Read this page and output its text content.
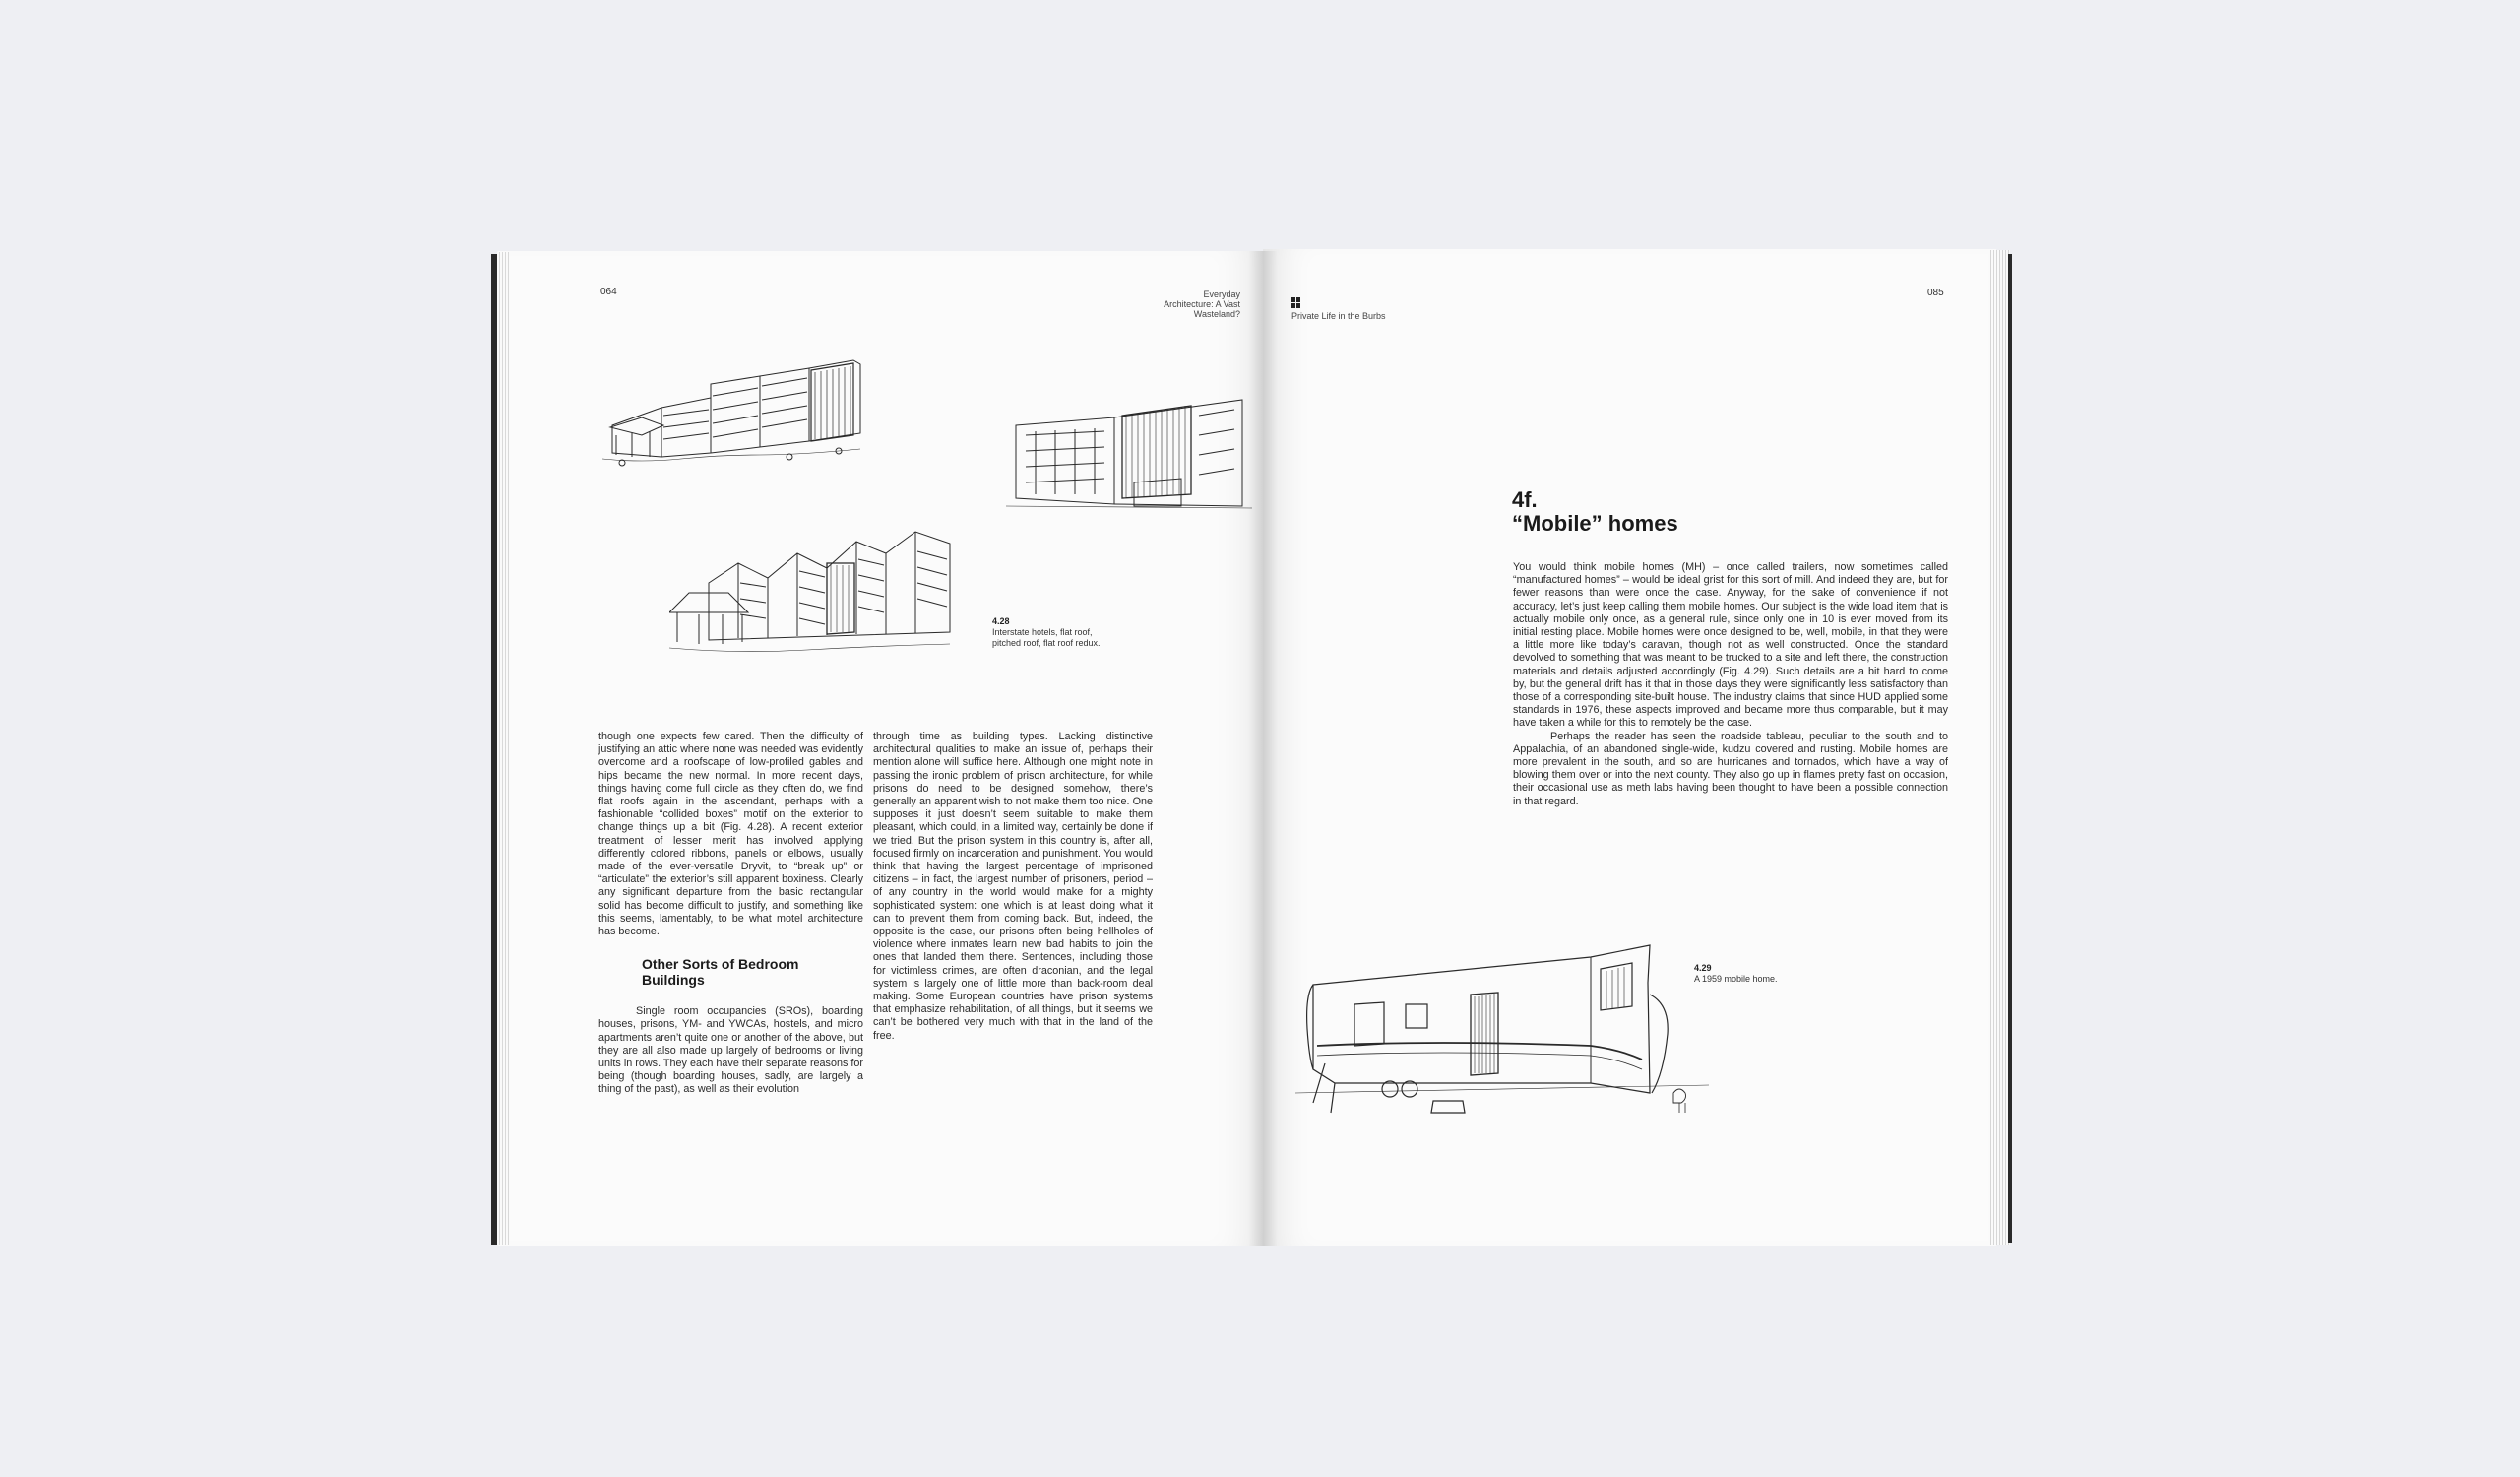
064	Everyday
Architecture: A Vast
Wasteland?
4.28
Interstate hotels, flat roof,
pitched roof, flat roof redux.

though one expects few cared. Then the difficulty of justifying an attic where none was needed was evidently overcome and a roofscape of low-profiled gables and hips became the new normal. In more recent days, things having come full circle as they often do, we find flat roofs again in the ascendant, perhaps with a fashionable “collided boxes” motif on the exterior to change things up a bit (Fig. 4.28). A recent exterior treatment of lesser merit has involved applying differently colored ribbons, panels or elbows, usually made of the ever-versatile Dryvit, to “break up” or “articulate” the exterior’s still apparent boxiness. Clearly any significant departure from the basic rectangular solid has become difficult to justify, and something like this seems, lamentably, to be what motel architecture has become.

Other Sorts of Bedroom Buildings

Single room occupancies (SROs), boarding houses, prisons, YM- and YWCAs, hostels, and micro apartments aren’t quite one or another of the above, but they are all also made up largely of bedrooms or living units in rows. They each have their separate reasons for being (though boarding houses, sadly, are largely a thing of the past), as well as their evolution

through time as building types. Lacking distinctive architectural qualities to make an issue of, perhaps their mention alone will suffice here. Although one might note in passing the ironic problem of prison architecture, for while prisons do need to be designed somehow, there’s generally an apparent wish to not make them too nice. One supposes it just doesn’t seem suitable to make them pleasant, which could, in a limited way, certainly be done if we tried. But the prison system in this country is, after all, focused firmly on incarceration and punishment. You would think that having the largest percentage of imprisoned citizens – in fact, the largest number of prisoners, period – of any country in the world would make for a mighty sophisticated system: one which is at least doing what it can to prevent them from coming back. But, indeed, the opposite is the case, our prisons often being hellholes of violence where inmates learn new bad habits to join the ones that landed them there. Sentences, including those for victimless crimes, are often draconian, and the legal system is largely one of little more than back-room deal making. Some European countries have prison systems that emphasize rehabilitation, of all things, but it seems we can’t be bothered very much with that in the land of the free.

Private Life in the Burbs
085
4f.
“Mobile” homes

You would think mobile homes (MH) – once called trailers, now sometimes called “manufactured homes” – would be ideal grist for this sort of mill. And indeed they are, but for fewer reasons than were once the case. Anyway, for the sake of convenience if not accuracy, let’s just keep calling them mobile homes. Our subject is the wide load item that is actually mobile only once, as a general rule, since only one in 10 is ever moved from its initial resting place. Mobile homes were once designed to be, well, mobile, in that they were a little more like today’s caravan, though not as well constructed. Once the standard devolved to something that was meant to be trucked to a site and left there, the construction materials and details adjusted accordingly (Fig. 4.29). Such details are a bit hard to come by, but the general drift has it that in those days they were significantly less satisfactory than those of a corresponding site-built house. The industry claims that since HUD applied some standards in 1976, these aspects improved and became more thus comparable, but it may have taken a while for this to remotely be the case.

Perhaps the reader has seen the roadside tableau, peculiar to the south and to Appalachia, of an abandoned single-wide, kudzu covered and rusting. Mobile homes are more prevalent in the south, and so are hurricanes and tornados, which have a way of blowing them over or into the next county. They also go up in flames pretty fast on occasion, their occasional use as meth labs having been thought to have been a possible connection in that regard.

4.29
A 1959 mobile home.
